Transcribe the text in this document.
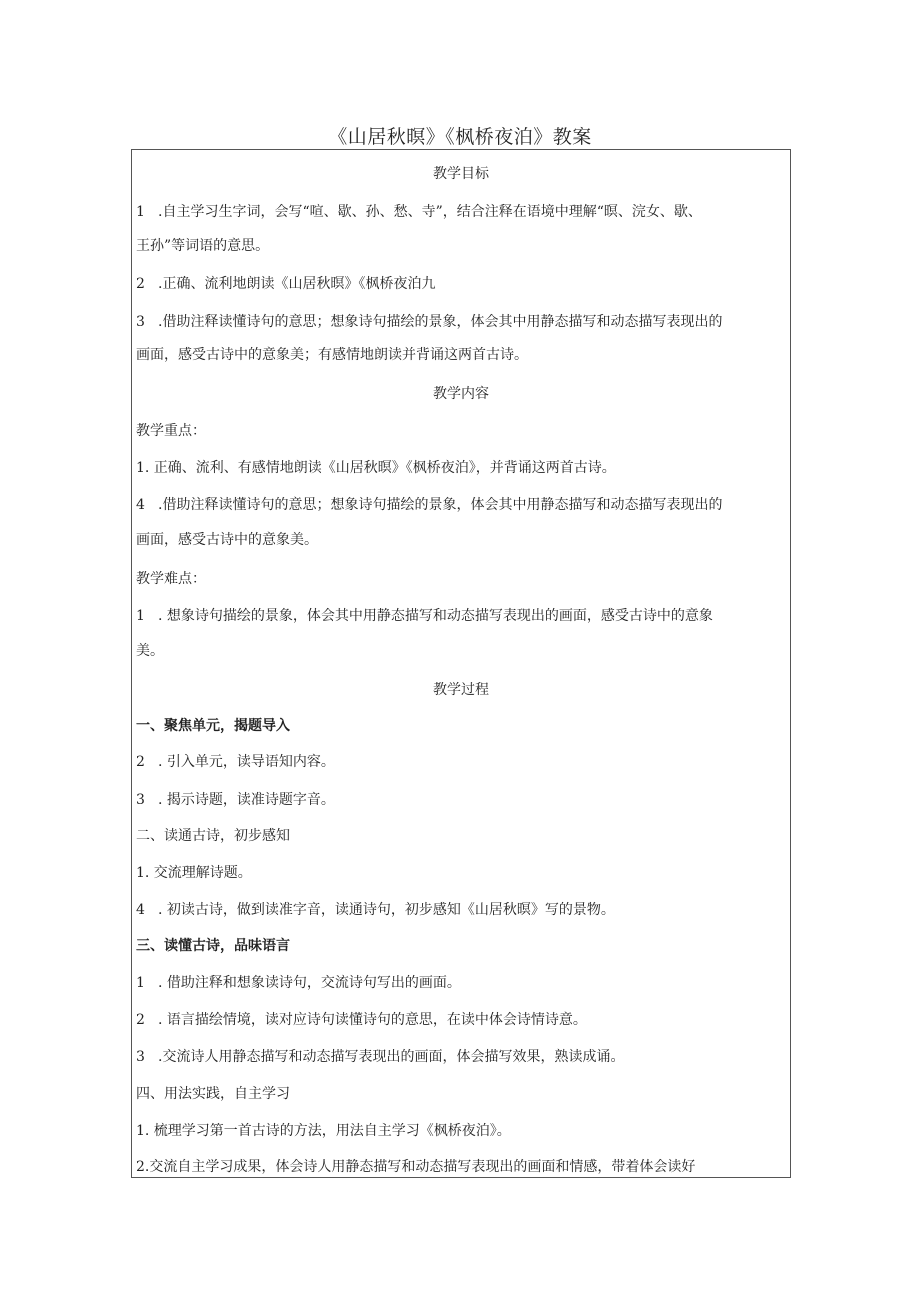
《山居秋暝》《枫桥夜泊》教案
教学目标
1 .自主学习生字词，会写“喧、歇、孙、愁、寺”，结合注释在语境中理解“暝、浣女、歇、
王孙”等词语的意思。
2 .正确、流利地朗读《山居秋暝》《枫桥夜泊九
3 .借助注释读懂诗句的意思；想象诗句描绘的景象，体会其中用静态描写和动态描写表现出的
画面，感受古诗中的意象美；有感情地朗读并背诵这两首古诗。
教学内容
教学重点：
1. 正确、流利、有感情地朗读《山居秋暝》《枫桥夜泊》，并背诵这两首古诗。
4 .借助注释读懂诗句的意思；想象诗句描绘的景象，体会其中用静态描写和动态描写表现出的
画面，感受古诗中的意象美。
教学难点：
1 . 想象诗句描绘的景象，体会其中用静态描写和动态描写表现出的画面，感受古诗中的意象
美。
教学过程
一、聚焦单元，揭题导入
2 . 引入单元，读导语知内容。
3 . 揭示诗题，读准诗题字音。
二、读通古诗，初步感知
1. 交流理解诗题。
4 . 初读古诗，做到读准字音，读通诗句，初步感知《山居秋暝》写的景物。
三、读懂古诗，品味语言
1 . 借助注释和想象读诗句，交流诗句写出的画面。
2 . 语言描绘情境，读对应诗句读懂诗句的意思，在读中体会诗情诗意。
3 .交流诗人用静态描写和动态描写表现出的画面，体会描写效果，熟读成诵。
四、用法实践，自主学习
1. 梳理学习第一首古诗的方法，用法自主学习《枫桥夜泊》。
2.交流自主学习成果，体会诗人用静态描写和动态描写表现出的画面和情感，带着体会读好
